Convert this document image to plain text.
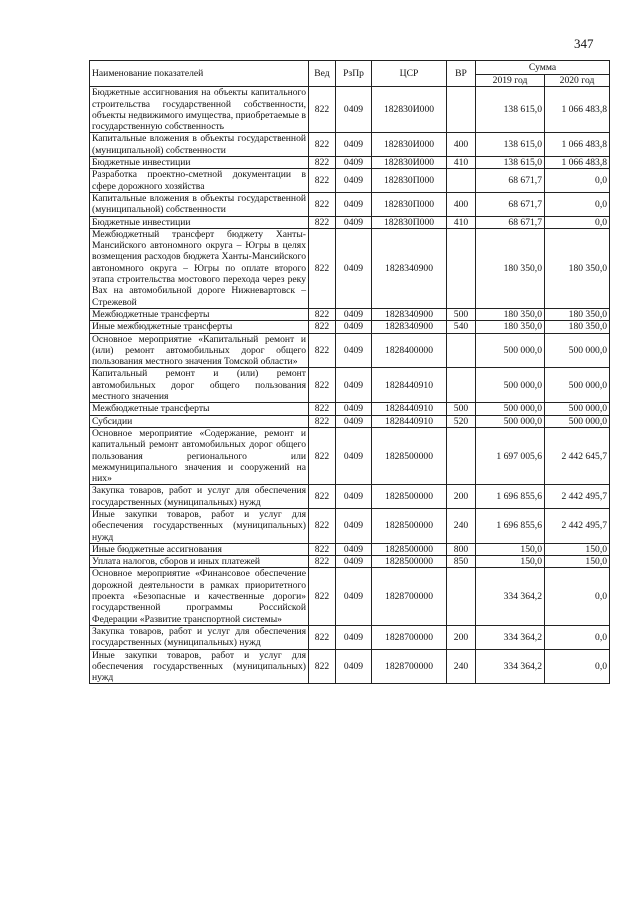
347
Наименование показателей	Вед	РзПр	ЦСР	ВР	Сумма	
					2019 год	2020 год
Бюджетные ассигнования на объекты капитального строительства государственной собственности, объекты недвижимого имущества, приобретаемые в государственную собственность	822	0409	182830И000		138 615,0	1 066 483,8
Капитальные вложения в объекты государственной (муниципальной) собственности	822	0409	182830И000	400	138 615,0	1 066 483,8
Бюджетные инвестиции	822	0409	182830И000	410	138 615,0	1 066 483,8
Разработка проектно-сметной документации в сфере дорожного хозяйства	822	0409	182830П000		68 671,7	0,0
Капитальные вложения в объекты государственной (муниципальной) собственности	822	0409	182830П000	400	68 671,7	0,0
Бюджетные инвестиции	822	0409	182830П000	410	68 671,7	0,0
Межбюджетный трансферт бюджету Ханты-Мансийского автономного округа – Югры в целях возмещения расходов бюджета Ханты-Мансийского автономного округа – Югры по оплате второго этапа строительства мостового перехода через реку Вах на автомобильной дороге Нижневартовск – Стрежевой	822	0409	1828340900		180 350,0	180 350,0
Межбюджетные трансферты	822	0409	1828340900	500	180 350,0	180 350,0
Иные межбюджетные трансферты	822	0409	1828340900	540	180 350,0	180 350,0
Основное мероприятие «Капитальный ремонт и (или) ремонт автомобильных дорог общего пользования местного значения Томской области»	822	0409	1828400000		500 000,0	500 000,0
Капитальный ремонт и (или) ремонт автомобильных дорог общего пользования местного значения	822	0409	1828440910		500 000,0	500 000,0
Межбюджетные трансферты	822	0409	1828440910	500	500 000,0	500 000,0
Субсидии	822	0409	1828440910	520	500 000,0	500 000,0
Основное мероприятие «Содержание, ремонт и капитальный ремонт автомобильных дорог общего пользования регионального или межмуниципального значения и сооружений на них»	822	0409	1828500000		1 697 005,6	2 442 645,7
Закупка товаров, работ и услуг для обеспечения государственных (муниципальных) нужд	822	0409	1828500000	200	1 696 855,6	2 442 495,7
Иные закупки товаров, работ и услуг для обеспечения государственных (муниципальных) нужд	822	0409	1828500000	240	1 696 855,6	2 442 495,7
Иные бюджетные ассигнования	822	0409	1828500000	800	150,0	150,0
Уплата налогов, сборов и иных платежей	822	0409	1828500000	850	150,0	150,0
Основное мероприятие «Финансовое обеспечение дорожной деятельности в рамках приоритетного проекта «Безопасные и качественные дороги» государственной программы Российской Федерации «Развитие транспортной системы»	822	0409	1828700000		334 364,2	0,0
Закупка товаров, работ и услуг для обеспечения государственных (муниципальных) нужд	822	0409	1828700000	200	334 364,2	0,0
Иные закупки товаров, работ и услуг для обеспечения государственных (муниципальных) нужд	822	0409	1828700000	240	334 364,2	0,0
